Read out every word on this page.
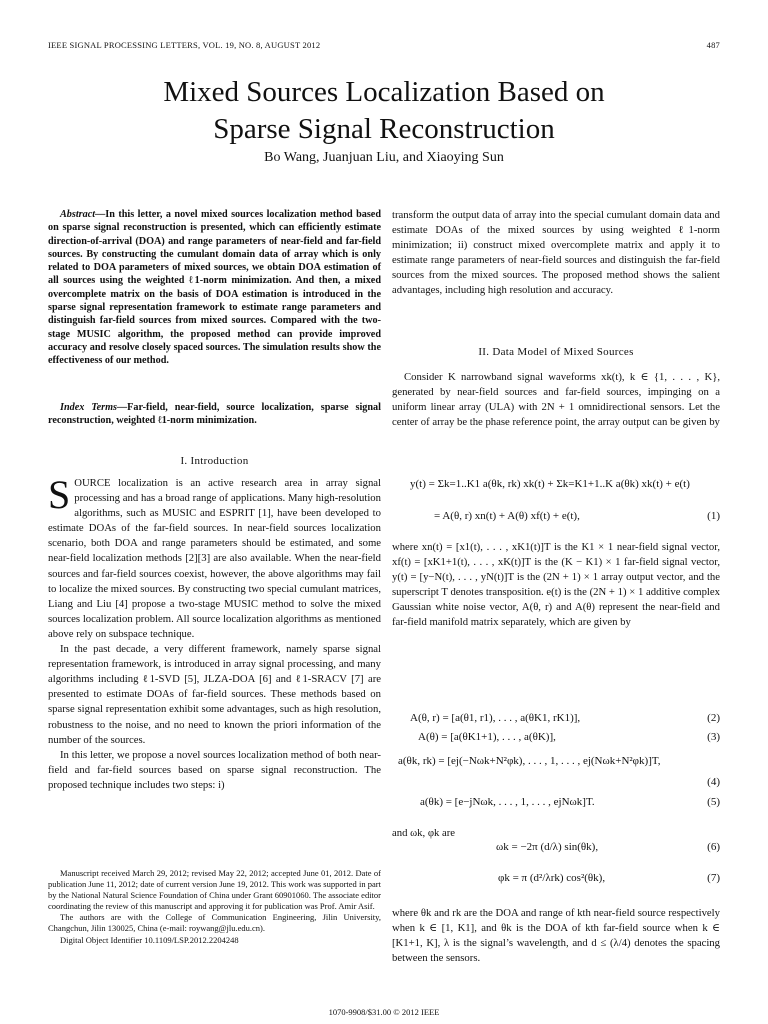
IEEE SIGNAL PROCESSING LETTERS, VOL. 19, NO. 8, AUGUST 2012	487
Mixed Sources Localization Based on
Sparse Signal Reconstruction
Bo Wang, Juanjuan Liu, and Xiaoying Sun

Abstract—In this letter, a novel mixed sources localization method based on sparse signal reconstruction is presented, which can efficiently estimate direction-of-arrival (DOA) and range parameters of near-field and far-field sources. By constructing the cumulant domain data of array which is only related to DOA parameters of mixed sources, we obtain DOA estimation of all sources using the weighted ℓ1-norm minimization. And then, a mixed overcomplete matrix on the basis of DOA estimation is introduced in the sparse signal representation framework to estimate range parameters and distinguish far-field sources from mixed sources. Compared with the two-stage MUSIC algorithm, the proposed method can provide improved accuracy and resolve closely spaced sources. The simulation results show the effectiveness of our method.

Index Terms—Far-field, near-field, source localization, sparse signal reconstruction, weighted ℓ1-norm minimization.

I. Introduction

SOURCE localization is an active research area in array signal processing and has a broad range of applications. Many high-resolution algorithms, such as MUSIC and ESPRIT [1], have been developed to estimate DOAs of the far-field sources. In near-field sources localization scenario, both DOA and range parameters should be estimated, and some near-field localization methods [2][3] are also available. When the near-field sources and far-field sources coexist, however, the above algorithms may fail to localize the mixed sources. By constructing two special cumulant matrices, Liang and Liu [4] propose a two-stage MUSIC method to solve the mixed sources localization problem. All source localization algorithms as mentioned above rely on subspace technique.

In the past decade, a very different framework, namely sparse signal representation framework, is introduced in array signal processing, and many algorithms including ℓ1-SVD [5], JLZA-DOA [6] and ℓ1-SRACV [7] are presented to estimate DOAs of far-field sources. These methods based on sparse signal representation exhibit some advantages, such as high resolution, robustness to the noise, and no need to known the priori information of the number of the sources.

In this letter, we propose a novel sources localization method of both near-field and far-field sources based on sparse signal reconstruction. The proposed technique includes two steps: i)

Manuscript received March 29, 2012; revised May 22, 2012; accepted June 01, 2012. Date of publication June 11, 2012; date of current version June 19, 2012. This work was supported in part by the National Natural Science Foundation of China under Grant 60901060. The associate editor coordinating the review of this manuscript and approving it for publication was Prof. Amir Asif.

The authors are with the College of Communication Engineering, Jilin University, Changchun, Jilin 130025, China (e-mail: roywang@jlu.edu.cn).

Digital Object Identifier 10.1109/LSP.2012.2204248

transform the output data of array into the special cumulant domain data and estimate DOAs of the mixed sources by using weighted ℓ1-norm minimization; ii) construct mixed overcomplete matrix and apply it to estimate range parameters of near-field sources and distinguish the far-field sources from the mixed sources. The proposed method shows the salient advantages, including high resolution and accuracy.

II. Data Model of Mixed Sources

Consider K narrowband signal waveforms xk(t), k ∈ {1, . . . , K}, generated by near-field sources and far-field sources, impinging on a uniform linear array (ULA) with 2N + 1 omnidirectional sensors. Let the center of array be the phase reference point, the array output can be given by

y(t) = Σk=1..K1 a(θk, rk) xk(t) + Σk=K1+1..K a(θk) xk(t) + e(t)
= A(θ, r) xn(t) + A(θ) xf(t) + e(t),	(1)

where xn(t) = [x1(t), . . . , xK1(t)]T is the K1 × 1 near-field signal vector, xf(t) = [xK1+1(t), . . . , xK(t)]T is the (K − K1) × 1 far-field signal vector, y(t) = [y−N(t), . . . , yN(t)]T is the (2N + 1) × 1 array output vector, and the superscript T denotes transposition. e(t) is the (2N + 1) × 1 additive complex Gaussian white noise vector, A(θ, r) and A(θ) represent the near-field and far-field manifold matrix separately, which are given by

A(θ, r) = [a(θ1, r1), . . . , a(θK1, rK1)],	(2)
A(θ) = [a(θK1+1), . . . , a(θK)],	(3)
a(θk, rk) = [ej(−Nωk+N²φk), . . . , 1, . . . , ej(Nωk+N²φk)]T,
(4)
a(θk) = [e−jNωk, . . . , 1, . . . , ejNωk]T.	(5)

and ωk, φk are

ωk = −2π (d/λ) sin(θk),	(6)
φk = π (d²/λrk) cos²(θk),	(7)

where θk and rk are the DOA and range of kth near-field source respectively when k ∈ [1, K1], and θk is the DOA of kth far-field source when k ∈ [K1+1, K], λ is the signal’s wavelength, and d ≤ (λ/4) denotes the spacing between the sensors.

1070-9908/$31.00 © 2012 IEEE
